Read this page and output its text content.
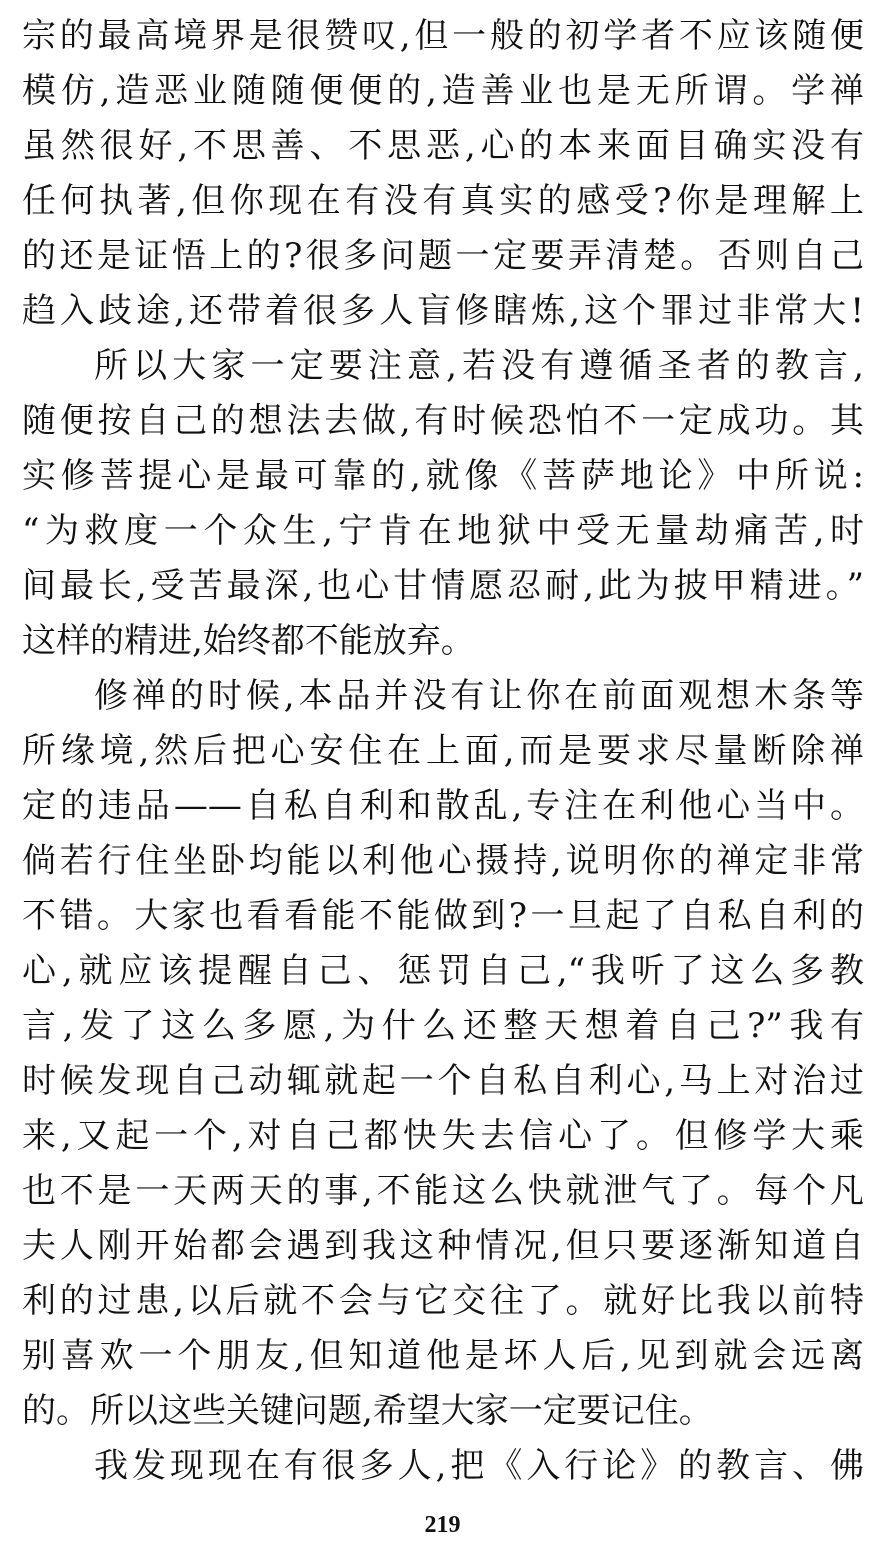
宗的最高境界是很赞叹,但一般的初学者不应该随便
模仿,造恶业随随便便的,造善业也是无所谓。学禅
虽然很好,不思善、不思恶,心的本来面目确实没有
任何执著,但你现在有没有真实的感受?你是理解上
的还是证悟上的?很多问题一定要弄清楚。否则自己
趋入歧途,还带着很多人盲修瞎炼,这个罪过非常大!
所以大家一定要注意,若没有遵循圣者的教言,
随便按自己的想法去做,有时候恐怕不一定成功。其
实修菩提心是最可靠的,就像《菩萨地论》中所说:
“为救度一个众生,宁肯在地狱中受无量劫痛苦,时
间最长,受苦最深,也心甘情愿忍耐,此为披甲精进。”
这样的精进,始终都不能放弃。
修禅的时候,本品并没有让你在前面观想木条等
所缘境,然后把心安住在上面,而是要求尽量断除禅
定的违品——自私自利和散乱,专注在利他心当中。
倘若行住坐卧均能以利他心摄持,说明你的禅定非常
不错。大家也看看能不能做到?一旦起了自私自利的
心,就应该提醒自己、惩罚自己,“我听了这么多教
言,发了这么多愿,为什么还整天想着自己?”我有
时候发现自己动辄就起一个自私自利心,马上对治过
来,又起一个,对自己都快失去信心了。但修学大乘
也不是一天两天的事,不能这么快就泄气了。每个凡
夫人刚开始都会遇到我这种情况,但只要逐渐知道自
利的过患,以后就不会与它交往了。就好比我以前特
别喜欢一个朋友,但知道他是坏人后,见到就会远离
的。所以这些关键问题,希望大家一定要记住。
我发现现在有很多人,把《入行论》的教言、佛
219
